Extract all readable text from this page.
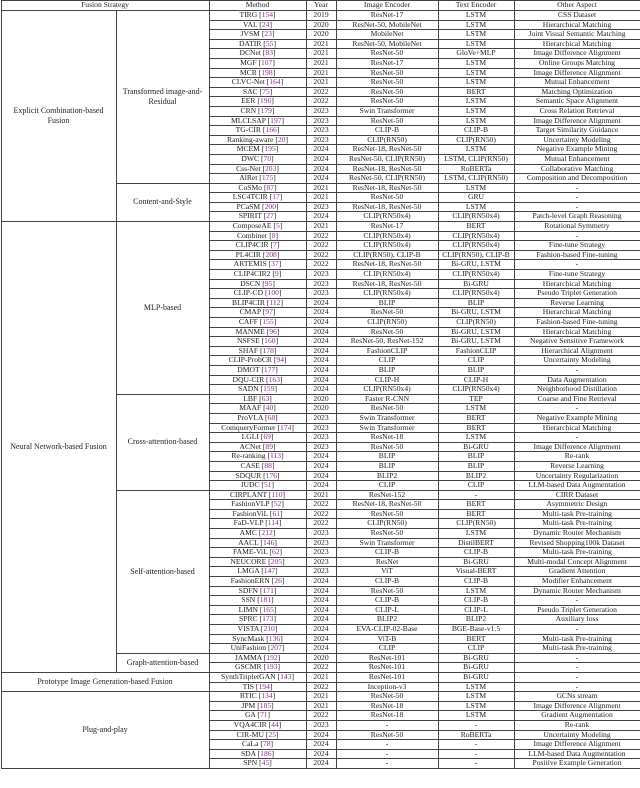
Fusion Strategy		Method	Year	Image Encoder	Text Encoder	Other Aspect
Explicit Combination-based Fusion	Transformed image-and-Residual	TIRG [154]	2019	ResNet-17	LSTM	CSS Dataset
		VAL [24]	2020	ResNet-50, MobileNet	LSTM	Hierarchical Matching
		JVSM [23]	2020	MobileNet	LSTM	Joint Visual Semantic Matching
		DATIR [55]	2021	ResNet-50, MobileNet	LSTM	Hierarchical Matching
		DCNet [83]	2021	ResNet-50	GloVe+MLP	Image Difference Alignment
		MGF [107]	2021	ResNet-17	LSTM	Online Groups Matching
		MCR [198]	2021	ResNet-50	LSTM	Image Difference Alignment
		CLVC-Net [164]	2021	ResNet-50	LSTM	Mutual Enhancement
		SAC [75]	2022	ResNet-50	BERT	Matching Optimization
		EER [196]	2022	ResNet-50	LSTM	Semantic Space Alignment
		CRN [179]	2023	Swin Transformer	LSTM	Cross Relation Retrieval
		MLCLSAP [197]	2023	ResNet-50	LSTM	Image Difference Alignment
		TG-CIR [166]	2023	CLIP-B	CLIP-B	Target Similarity Guidance
		Ranking-aware [20]	2023	CLIP(RN50)	CLIP(RN50)	Uncertainty Modeling
		MCEM [195]	2024	ResNet-18, ResNet-50	LSTM	Negative Example Mining
		DWC [70]	2024	ResNet-50, CLIP(RN50)	LSTM, CLIP(RN50)	Mutual Enhancement
		Css-Net [203]	2024	ResNet-18, ResNet-50	RoBERTa	Collaborative Matching
		AlRet [175]	2024	ResNet-50, CLIP(RN50)	LSTM, CLIP(RN50)	Composition and Decomposition
	Content-and-Style	CoSMo [87]	2021	ResNet-18, ResNet-50	LSTM	-
		LSC4TCIR [17]	2021	ResNet-50	GRU	-
		PCaSM [200]	2023	ResNet-18, ResNet-50	LSTM	-
		SPIRIT [27]	2024	CLIP(RN50x4)	CLIP(RN50x4)	Patch-level Graph Reasoning
Neural Network-based Fusion	MLP-based	ComposeAE [5]	2021	ResNet-17	BERT	Rotational Symmetry
		Combiner [8]	2022	CLIP(RN50x4)	CLIP(RN50x4)	-
		CLIP4CIR [7]	2022	CLIP(RN50x4)	CLIP(RN50x4)	Fine-tune Strategy
		PL4CIR [208]	2022	CLIP(RN50), CLIP-B	CLIP(RN50), CLIP-B	Fashion-based Fine-tuning
		ARTEMIS [37]	2022	ResNet-18, ResNet-50	Bi-GRU, LSTM	-
		CLIP4CIR2 [9]	2023	CLIP(RN50x4)	CLIP(RN50x4)	Fine-tune Strategy
		DSCN [95]	2023	ResNet-18, ResNet-50	Bi-GRU	Hierarchical Matching
		CLIP-CD [100]	2023	CLIP(RN50x4)	CLIP(RN50x4)	Pseudo Triplet Generation
		BLIP4CIR [112]	2024	BLIP	BLIP	Reverse Learning
		CMAP [97]	2024	ResNet-50	Bi-GRU, LSTM	Hierarchical Matching
		CAFF [155]	2024	CLIP(RN50)	CLIP(RN50)	Fashion-based Fine-tuning
		MANME [96]	2024	ResNet-50	Bi-GRU, LSTM	Hierarchical Matching
		NSFSE [160]	2024	ResNet-50, ResNet-152	Bi-GRU, LSTM	Negative Sensitive Framework
		SHAF [178]	2024	FashionCLIP	FashionCLIP	Hierarchical Alignment
		CLIP-ProbCR [94]	2024	CLIP	CLIP	Uncertainty Modeling
		DMOT [177]	2024	BLIP	BLIP	-
		DQU-CIR [163]	2024	CLIP-H	CLIP-H	Data Augmentation
		SADN [159]	2024	CLIP(RN50x4)	CLIP(RN50x4)	Neighborhood Distillation
	Cross-attention-based	LBF [63]	2020	Faster R-CNN	TEP	Coarse and Fine Retrieval
		MAAF [40]	2020	ResNet-50	LSTM	-
		ProVLA [68]	2023	Swin Transformer	BERT	Negative Example Mining
		ComqueryFormer [174]	2023	Swin Transformer	BERT	Hierarchical Matching
		LGLI [69]	2023	ResNet-18	LSTM	-
		ACNet [89]	2023	ResNet-50	Bi-GRU	Image Difference Alignment
		Re-ranking [113]	2024	BLIP	BLIP	Re-rank
		CASE [88]	2024	BLIP	BLIP	Reverse Learning
		SDQUR [176]	2024	BLIP2	BLIP2	Uncertainty Regularization
		IUDC [51]	2024	CLIP	CLIP	LLM-based Data Augmentation
	Self-attention-based	CIRPLANT [110]	2021	ResNet-152	-	CIRR Dataset
		FashionVLP [52]	2022	ResNet-18, ResNet-50	BERT	Asymmetric Design
		FashionViL [61]	2022	ResNet-50	BERT	Multi-task Pre-training
		FaD-VLP [114]	2022	CLIP(RN50)	CLIP(RN50)	Multi-task Pre-training
		AMC [212]	2023	ResNet-50	LSTM	Dynamic Router Mechanism
		AACL [146]	2023	Swin Transformer	DistilBERT	Revised Shopping100k Dataset
		FAME-ViL [62]	2023	CLIP-B	CLIP-B	Multi-task Pre-training
		NEUCORE [205]	2023	ResNet	Bi-GRU	Multi-modal Concept Alignment
		LMGA [147]	2023	ViT	Visual-BERT	Gradient Attention
		FashionERN [26]	2024	CLIP-B	CLIP-B	Modifier Enhancement
		SDFN [171]	2024	ResNet-50	LSTM	Dynamic Router Mechanism
		SSN [181]	2024	CLIP-B	CLIP-B	-
		LIMN [165]	2024	CLIP-L	CLIP-L	Pseudo Triplet Generation
		SPRC [173]	2024	BLIP2	BLIP2	Auxiliary loss
		VISTA [210]	2024	EVA-CLIP-02-Base	BGE-Base-v1.5	-
		SyncMask [136]	2024	ViT-B	BERT	Multi-task Pre-training
		UniFashion [207]	2024	CLIP	CLIP	Multi-task Pre-training
	Graph-attention-based	JAMMA [192]	2020	ResNet-101	Bi-GRU	-
		GSCMR [193]	2022	ResNet-101	Bi-GRU	-
Prototype Image Generation-based Fusion		SynthTripletGAN [143]	2021	ResNet-101	Bi-GRU	-
		TIS [194]	2022	Inception-v3	LSTM	-
Plug-and-play		RTIC [134]	2021	ResNet-50	LSTM	GCNs stream
		JPM [185]	2021	ResNet-18	LSTM	Image Difference Alignment
		GA [71]	2022	ResNet-18	LSTM	Gradient Augmentation
		VQA4CIR [44]	2023	-	-	Re-rank
		CIR-MU [25]	2024	ResNet-50	RoBERTa	Uncertainty Modeling
		CaLa [78]	2024	-	-	Image Difference Alignment
		SDA [186]	2024	-	-	LLM-based Data Augmentation
		SPN [45]	2024	-	-	Positive Example Generation
